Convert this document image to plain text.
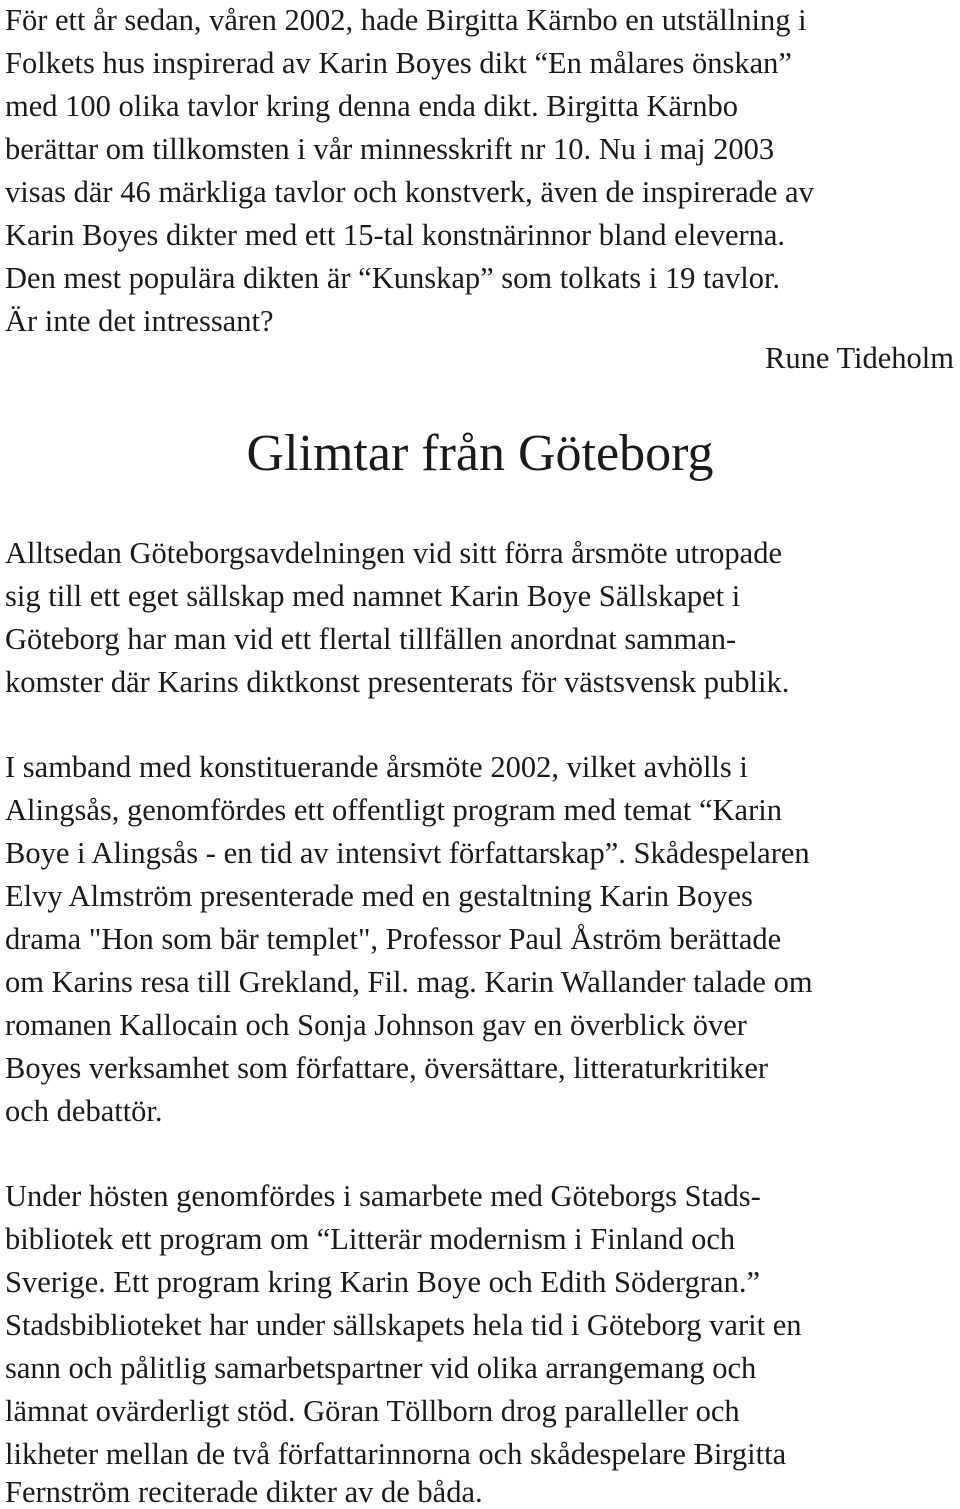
För ett år sedan, våren 2002, hade Birgitta Kärnbo en utställning i
Folkets hus inspirerad av Karin Boyes dikt “En målares önskan”
med 100 olika tavlor kring denna enda dikt. Birgitta Kärnbo
berättar om tillkomsten i vår minnesskrift nr 10. Nu i maj 2003
visas där 46 märkliga tavlor och konstverk, även de inspirerade av
Karin Boyes dikter med ett 15-tal konstnärinnor bland eleverna.
Den mest populära dikten är “Kunskap” som tolkats i 19 tavlor.
Är inte det intressant?
Rune Tideholm
Glimtar från Göteborg
Alltsedan Göteborgsavdelningen vid sitt förra årsmöte utropade
sig till ett eget sällskap med namnet Karin Boye Sällskapet i
Göteborg har man vid ett flertal tillfällen anordnat samman-
komster där Karins diktkonst presenterats för västsvensk publik.
I samband med konstituerande årsmöte 2002, vilket avhölls i
Alingsås, genomfördes ett offentligt program med temat “Karin
Boye i Alingsås - en tid av intensivt författarskap”. Skådespelaren
Elvy Almström presenterade med en gestaltning Karin Boyes
drama "Hon som bär templet", Professor Paul Åström berättade
om Karins resa till Grekland, Fil. mag. Karin Wallander talade om
romanen Kallocain och Sonja Johnson gav en överblick över
Boyes verksamhet som författare, översättare, litteraturkritiker
och debattör.
Under hösten genomfördes i samarbete med Göteborgs Stads-
bibliotek ett program om “Litterär modernism i Finland och
Sverige. Ett program kring Karin Boye och Edith Södergran.”
Stadsbiblioteket har under sällskapets hela tid i Göteborg varit en
sann och pålitlig samarbetspartner vid olika arrangemang och
lämnat ovärderligt stöd. Göran Töllborn drog paralleller och
likheter mellan de två författarinnorna och skådespelare Birgitta
Fernström reciterade dikter av de båda.
